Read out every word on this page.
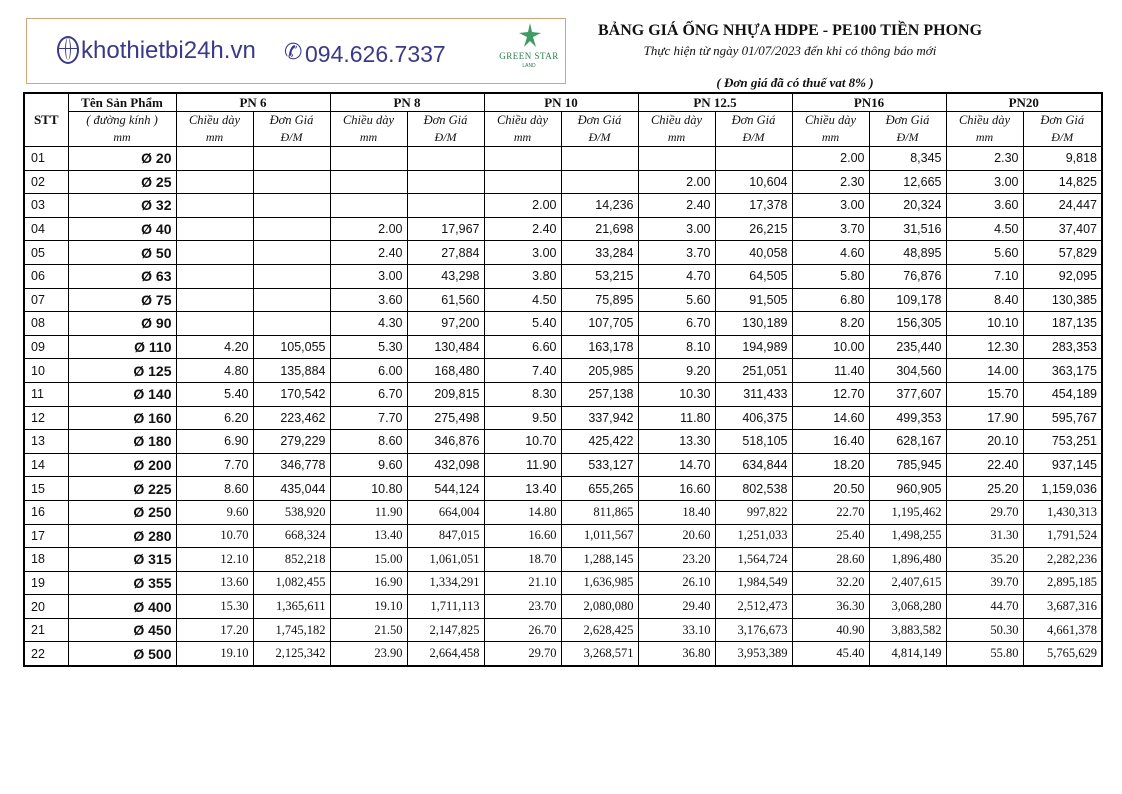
khothietbi24h.vn ✆ 094.626.7337	GREEN STAR
LAND
BẢNG GIÁ ỐNG NHỰA HDPE - PE100 TIỀN PHONG
Thực hiện từ ngày 01/07/2023 đến khi có thông báo mới
( Đơn giá đã có thuế vat 8% )
STT	Tên Sản Phẩm	PN 6		PN 8		PN 10		PN 12.5		PN16		PN20	
	( đường kính )	Chiều dày	Đơn Giá	Chiều dày	Đơn Giá	Chiều dày	Đơn Giá	Chiều dày	Đơn Giá	Chiều dày	Đơn Giá	Chiều dày	Đơn Giá
	mm	mm	Đ/M	mm	Đ/M	mm	Đ/M	mm	Đ/M	mm	Đ/M	mm	Đ/M
01	Ø 20									2.00	8,345	2.30	9,818
02	Ø 25							2.00	10,604	2.30	12,665	3.00	14,825
03	Ø 32					2.00	14,236	2.40	17,378	3.00	20,324	3.60	24,447
04	Ø 40			2.00	17,967	2.40	21,698	3.00	26,215	3.70	31,516	4.50	37,407
05	Ø 50			2.40	27,884	3.00	33,284	3.70	40,058	4.60	48,895	5.60	57,829
06	Ø 63			3.00	43,298	3.80	53,215	4.70	64,505	5.80	76,876	7.10	92,095
07	Ø 75			3.60	61,560	4.50	75,895	5.60	91,505	6.80	109,178	8.40	130,385
08	Ø 90			4.30	97,200	5.40	107,705	6.70	130,189	8.20	156,305	10.10	187,135
09	Ø 110	4.20	105,055	5.30	130,484	6.60	163,178	8.10	194,989	10.00	235,440	12.30	283,353
10	Ø 125	4.80	135,884	6.00	168,480	7.40	205,985	9.20	251,051	11.40	304,560	14.00	363,175
11	Ø 140	5.40	170,542	6.70	209,815	8.30	257,138	10.30	311,433	12.70	377,607	15.70	454,189
12	Ø 160	6.20	223,462	7.70	275,498	9.50	337,942	11.80	406,375	14.60	499,353	17.90	595,767
13	Ø 180	6.90	279,229	8.60	346,876	10.70	425,422	13.30	518,105	16.40	628,167	20.10	753,251
14	Ø 200	7.70	346,778	9.60	432,098	11.90	533,127	14.70	634,844	18.20	785,945	22.40	937,145
15	Ø 225	8.60	435,044	10.80	544,124	13.40	655,265	16.60	802,538	20.50	960,905	25.20	1,159,036
16	Ø 250	9.60	538,920	11.90	664,004	14.80	811,865	18.40	997,822	22.70	1,195,462	29.70	1,430,313
17	Ø 280	10.70	668,324	13.40	847,015	16.60	1,011,567	20.60	1,251,033	25.40	1,498,255	31.30	1,791,524
18	Ø 315	12.10	852,218	15.00	1,061,051	18.70	1,288,145	23.20	1,564,724	28.60	1,896,480	35.20	2,282,236
19	Ø 355	13.60	1,082,455	16.90	1,334,291	21.10	1,636,985	26.10	1,984,549	32.20	2,407,615	39.70	2,895,185
20	Ø 400	15.30	1,365,611	19.10	1,711,113	23.70	2,080,080	29.40	2,512,473	36.30	3,068,280	44.70	3,687,316
21	Ø 450	17.20	1,745,182	21.50	2,147,825	26.70	2,628,425	33.10	3,176,673	40.90	3,883,582	50.30	4,661,378
22	Ø 500	19.10	2,125,342	23.90	2,664,458	29.70	3,268,571	36.80	3,953,389	45.40	4,814,149	55.80	5,765,629
